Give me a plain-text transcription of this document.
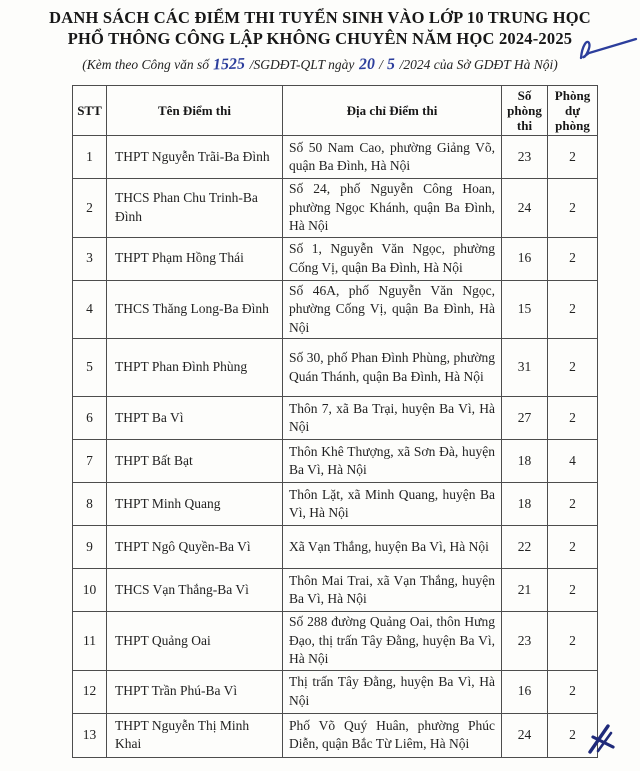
DANH SÁCH CÁC ĐIỂM THI TUYỂN SINH VÀO LỚP 10 TRUNG HỌC
PHỔ THÔNG CÔNG LẬP KHÔNG CHUYÊN NĂM HỌC 2024-2025
(Kèm theo Công văn số 1525 /SGDĐT-QLT ngày 20 / 5 /2024 của Sở GDĐT Hà Nội)
STT	Tên Điểm thi	Địa chỉ Điểm thi	Số phòng thi	Phòng dự phòng
1	THPT Nguyễn Trãi-Ba Đình	Số 50 Nam Cao, phường Giảng Võ, quận Ba Đình, Hà Nội	23	2
2	THCS Phan Chu Trinh-Ba Đình	Số 24, phố Nguyễn Công Hoan, phường Ngọc Khánh, quận Ba Đình, Hà Nội	24	2
3	THPT Phạm Hồng Thái	Số 1, Nguyễn Văn Ngọc, phường Cống Vị, quận Ba Đình, Hà Nội	16	2
4	THCS Thăng Long-Ba Đình	Số 46A, phố Nguyễn Văn Ngọc, phường Cống Vị, quận Ba Đình, Hà Nội	15	2
5	THPT Phan Đình Phùng	Số 30, phố Phan Đình Phùng, phường Quán Thánh, quận Ba Đình, Hà Nội	31	2
6	THPT Ba Vì	Thôn 7, xã Ba Trại, huyện Ba Vì, Hà Nội	27	2
7	THPT Bất Bạt	Thôn Khê Thượng, xã Sơn Đà, huyện Ba Vì, Hà Nội	18	4
8	THPT Minh Quang	Thôn Lặt, xã Minh Quang, huyện Ba Vì, Hà Nội	18	2
9	THPT Ngô Quyền-Ba Vì	Xã Vạn Thắng, huyện Ba Vì, Hà Nội	22	2
10	THCS Vạn Thắng-Ba Vì	Thôn Mai Trai, xã Vạn Thắng, huyện Ba Vì, Hà Nội	21	2
11	THPT Quảng Oai	Số 288 đường Quảng Oai, thôn Hưng Đạo, thị trấn Tây Đằng, huyện Ba Vì, Hà Nội	23	2
12	THPT Trần Phú-Ba Vì	Thị trấn Tây Đằng, huyện Ba Vì, Hà Nội	16	2
13	THPT Nguyễn Thị Minh Khai	Phố Võ Quý Huân, phường Phúc Diễn, quận Bắc Từ Liêm, Hà Nội	24	2
